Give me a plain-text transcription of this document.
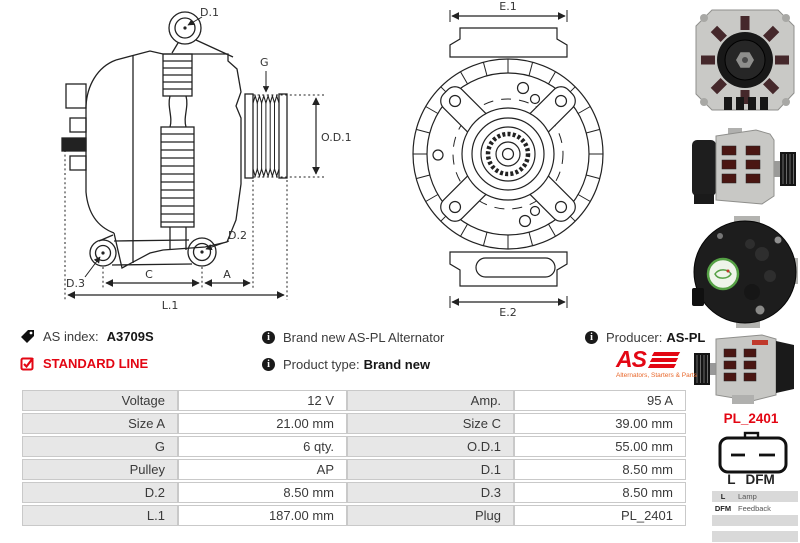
D.1
G
O.D.1
D.2
D.3
C	A
L.1
E.1
E.2
AS index: A3709S
STANDARD LINE
i
Brand new AS-PL Alternator
i
Product type: Brand new
i
Producer: AS-PL
AS
Alternators, Starters & Parts
Voltage	12 V	Amp.	95 A
Size A	21.00 mm	Size C	39.00 mm
G	6 qty.	O.D.1	55.00 mm
Pulley	AP	D.1	8.50 mm
D.2	8.50 mm	D.3	8.50 mm
L.1	187.00 mm	Plug	PL_2401
PL_2401
L DFM
L	Lamp
DFM Feedback
